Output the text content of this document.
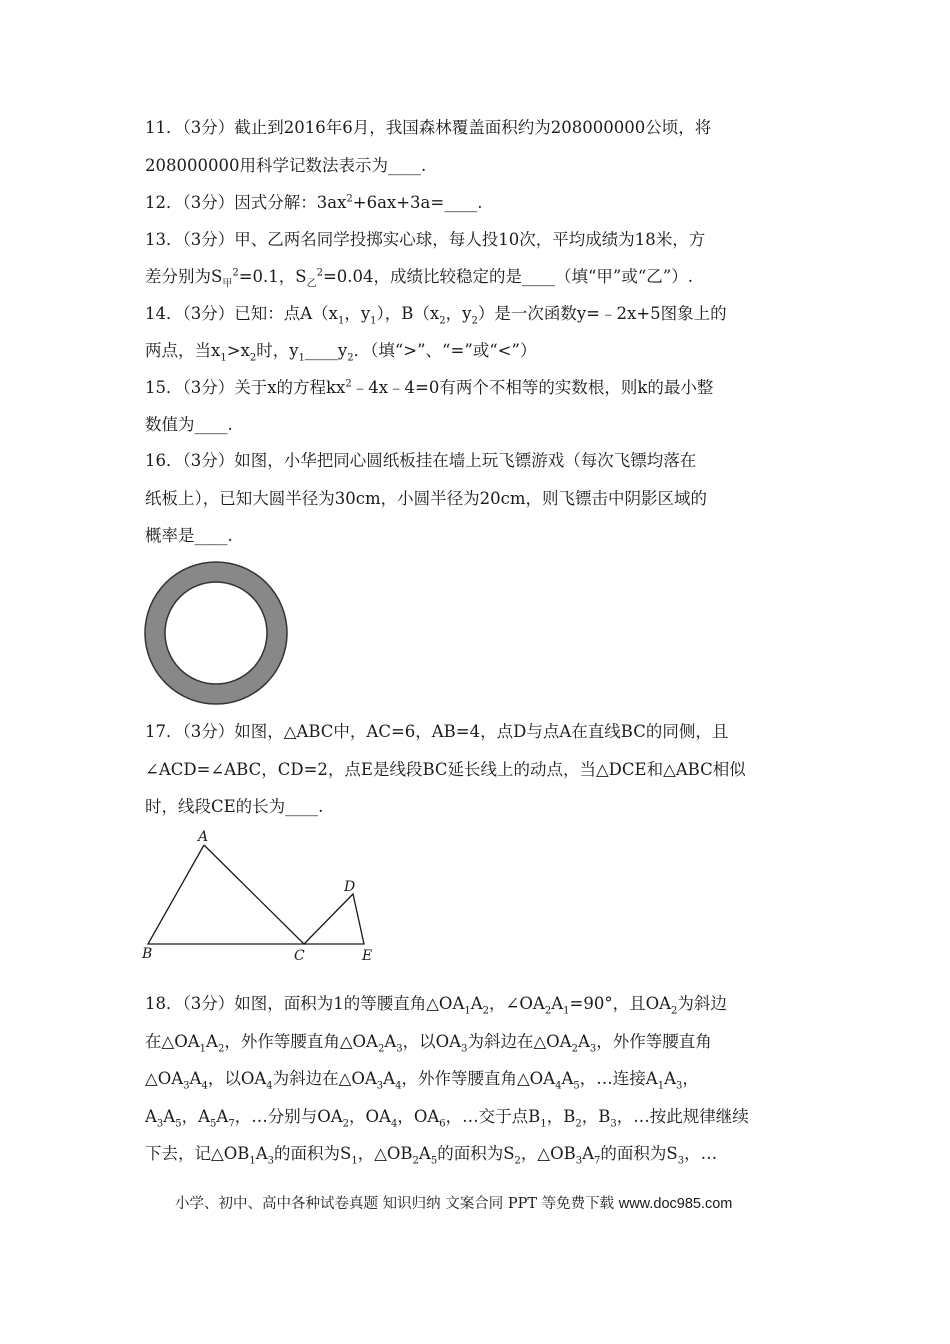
11．（3分）截止到2016年6月，我国森林覆盖面积约为208000000公顷，将
208000000用科学记数法表示为____.
12．（3分）因式分解：$3ax^2+6ax+3a=\_\_\_\_$.
13．（3分）甲、乙两名同学投掷实心球，每人投10次，平均成绩为18米，方
差分别为$S_甲^2=0.1$，$S_乙^2=0.04$，成绩比较稳定的是____（填“甲”或“乙”）.
14．（3分）已知：点$A(x_1$，$y_1$），$B(x_2$，$y_2$）是一次函数y=﹣2x+5图象上的
两点，当$x_1>x_2$时，$y_1\_\_\_\_y_2$．（填“>”、“=”或“<”）
15．（3分）关于x的方程$kx^2﹣4x﹣4=0$有两个不相等的实数根，则k的最小整
数值为____.
16．（3分）如图，小华把同心圆纸板挂在墙上玩飞镖游戏（每次飞镖均落在
纸板上），已知大圆半径为30cm，小圆半径为20cm，则飞镖击中阴影区域的
概率是____.
17．（3分）如图，△ABC中，AC=6，AB=4，点D与点A在直线BC的同侧，且
∠ACD=∠ABC，CD=2，点E是线段BC延长线上的动点，当△DCE和△ABC相似
时，线段CE的长为____.
A
B	C
D
E
18．（3分）如图，面积为1的等腰直角$\triangle OA_1A_2$，$\angle OA_2A_1=90^\circ$，且$OA_2$为斜边
在$\triangle OA_1A_2$，外作等腰直角$\triangle OA_2A_3$，以$OA_3$为斜边在$\triangle OA_2A_3$，外作等腰直角
$\triangle OA_3A_4$，以$OA_4$为斜边在$\triangle OA_3A_4$，外作等腰直角$\triangle OA_4A_5$，…连接$A_1A_3$，
$A_3A_5$，$A_5A_7$，…分别与$OA_2$，$OA_4$，$OA_6$，…交于点$B_1$，$B_2$，$B_3$，…按此规律继续
下去，记$\triangle OB_1A_3$的面积为$S_1$，$\triangle OB_2A_5$的面积为$S_2$，$\triangle OB_3A_7$的面积为$S_3$，…
小学、初中、高中各种试卷真题 知识归纳 文案合同 PPT 等免费下载 www.doc985.com
